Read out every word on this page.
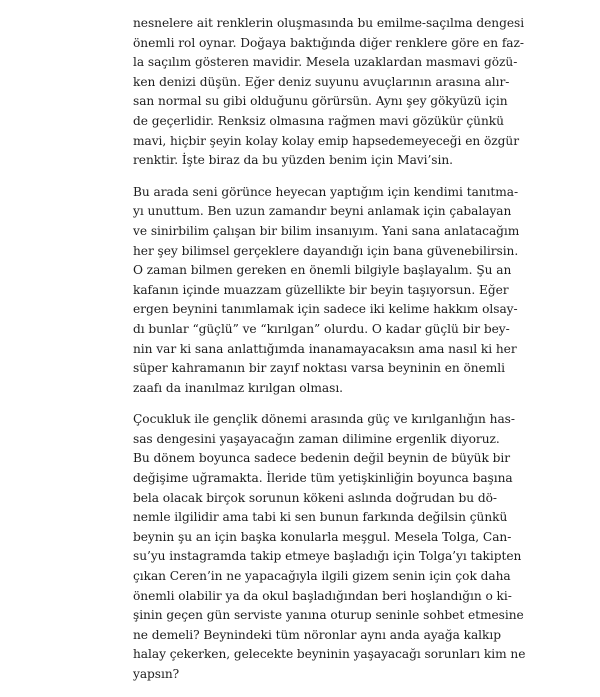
nesnelere ait renklerin oluşmasında bu emilme-saçılma dengesi
önemli rol oynar. Doğaya baktığında diğer renklere göre en faz-
la saçılım gösteren mavidir. Mesela uzaklardan masmavi gözü-
ken denizi düşün. Eğer deniz suyunu avuçlarının arasına alır-
san normal su gibi olduğunu görürsün. Aynı şey gökyüzü için
de geçerlidir. Renksiz olmasına rağmen mavi gözükür çünkü
mavi, hiçbir şeyin kolay kolay emip hapsedemeyeceği en özgür
renktir. İşte biraz da bu yüzden benim için Mavi’sin.
Bu arada seni görünce heyecan yaptığım için kendimi tanıtma-
yı unuttum. Ben uzun zamandır beyni anlamak için çabalayan
ve sinirbilim çalışan bir bilim insanıyım. Yani sana anlatacağım
her şey bilimsel gerçeklere dayandığı için bana güvenebilirsin.
O zaman bilmen gereken en önemli bilgiyle başlayalım. Şu an
kafanın içinde muazzam güzellikte bir beyin taşıyorsun. Eğer
ergen beynini tanımlamak için sadece iki kelime hakkım olsay-
dı bunlar “güçlü” ve “kırılgan” olurdu. O kadar güçlü bir bey-
nin var ki sana anlattığımda inanamayacaksın ama nasıl ki her
süper kahramanın bir zayıf noktası varsa beyninin en önemli
zaafı da inanılmaz kırılgan olması.
Çocukluk ile gençlik dönemi arasında güç ve kırılganlığın has-
sas dengesini yaşayacağın zaman dilimine ergenlik diyoruz.
Bu dönem boyunca sadece bedenin değil beynin de büyük bir
değişime uğramakta. İleride tüm yetişkinliğin boyunca başına
bela olacak birçok sorunun kökeni aslında doğrudan bu dö-
nemle ilgilidir ama tabi ki sen bunun farkında değilsin çünkü
beynin şu an için başka konularla meşgul. Mesela Tolga, Can-
su’yu instagramda takip etmeye başladığı için Tolga’yı takipten
çıkan Ceren’in ne yapacağıyla ilgili gizem senin için çok daha
önemli olabilir ya da okul başladığından beri hoşlandığın o ki-
şinin geçen gün serviste yanına oturup seninle sohbet etmesine
ne demeli? Beynindeki tüm nöronlar aynı anda ayağa kalkıp
halay çekerken, gelecekte beyninin yaşayacağı sorunları kim ne
yapsın?
